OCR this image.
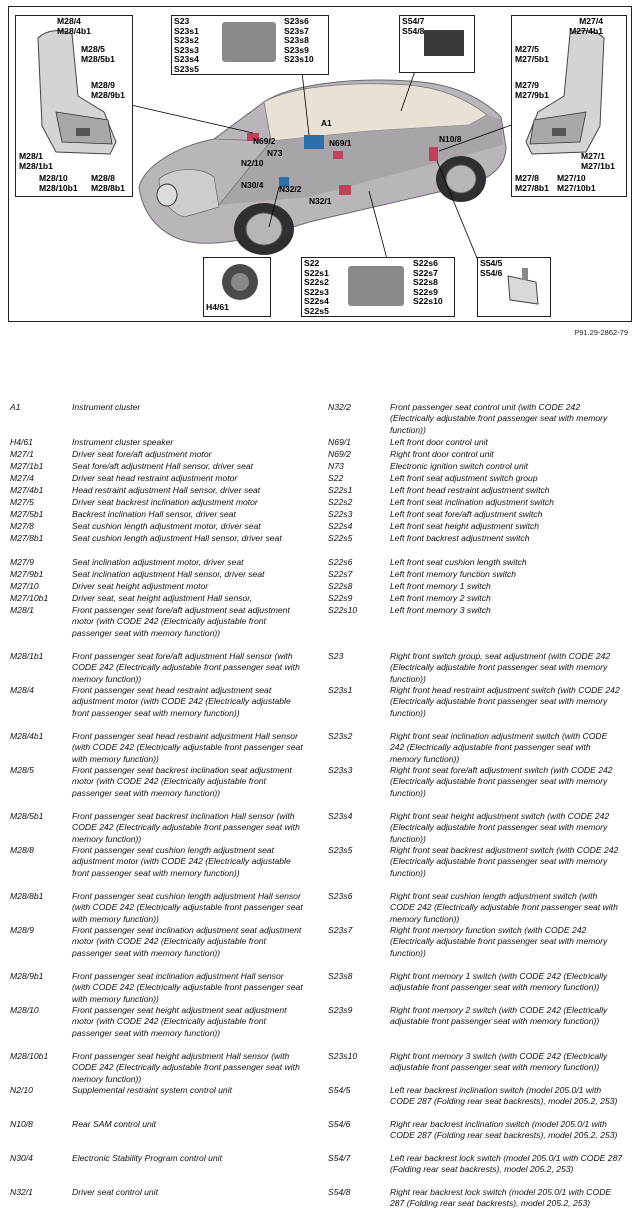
M28/4
M28/4b1
M28/5
M28/5b1
M28/9
M28/9b1
M28/1
M28/1b1
M28/10
M28/10b1
M28/8
M28/8b1
S23
S23s1
S23s2
S23s3
S23s4
S23s5
S23s6
S23s7
S23s8
S23s9
S23s10
S54/7
S54/8
M27/4
M27/4b1
M27/5
M27/5b1
M27/9
M27/9b1
M27/1
M27/1b1
M27/8
M27/8b1
M27/10
M27/10b1
H4/61
S22
S22s1
S22s2
S22s3
S22s4
S22s5
S22s6
S22s7
S22s8
S22s9
S22s10
S54/5
S54/6
A1
N69/2	N69/1
N73
N2/10
N30/4 N32/2
N32/1
N10/8
P91.29-2862-79
A1	Instrument cluster
H4/61	Instrument cluster speaker
M27/1	Driver seat fore/aft adjustment motor
M27/1b1	Seat fore/aft adjustment Hall sensor, driver seat
M27/4	Driver seat head restraint adjustment motor
M27/4b1	Head restraint adjustment Hall sensor, driver seat
M27/5	Driver seat backrest inclination adjustment motor
M27/5b1	Backrest inclination Hall sensor, driver seat
M27/8	Seat cushion length adjustment motor, driver seat
M27/8b1	Seat cushion length adjustment Hall sensor, driver seat
M27/9	Seat inclination adjustment motor, driver seat
M27/9b1	Seat inclination adjustment Hall sensor, driver seat
M27/10	Driver seat height adjustment motor
M27/10b1	Driver seat, seat height adjustment Hall sensor,
M28/1	Front passenger seat fore/aft adjustment seat adjustment motor (with CODE 242 (Electrically adjustable front passenger seat with memory function))
M28/1b1	Front passenger seat fore/aft adjustment Hall sensor (with CODE 242 (Electrically adjustable front passenger seat with memory function))
M28/4	Front passenger seat head restraint adjustment seat adjustment motor (with CODE 242 (Electrically adjustable front passenger seat with memory function))
M28/4b1	Front passenger seat head restraint adjustment Hall sensor (with CODE 242 (Electrically adjustable front passenger seat with memory function))
M28/5	Front passenger seat backrest inclination seat adjustment motor (with CODE 242 (Electrically adjustable front passenger seat with memory function))
M28/5b1	Front passenger seat backrest inclination Hall sensor (with CODE 242 (Electrically adjustable front passenger seat with memory function))
M28/8	Front passenger seat cushion length adjustment seat adjustment motor (with CODE 242 (Electrically adjustable front passenger seat with memory function))
M28/8b1	Front passenger seat cushion length adjustment Hall sensor (with CODE 242 (Electrically adjustable front passenger seat with memory function))
M28/9	Front passenger seat inclination adjustment seat adjustment motor (with CODE 242 (Electrically adjustable front passenger seat with memory function))
M28/9b1	Front passenger seat inclination adjustment Hall sensor (with CODE 242 (Electrically adjustable front passenger seat with memory function))
M28/10	Front passenger seat height adjustment seat adjustment motor (with CODE 242 (Electrically adjustable front passenger seat with memory function))
M28/10b1	Front passenger seat height adjustment Hall sensor (with CODE 242 (Electrically adjustable front passenger seat with memory function))
N2/10	Supplemental restraint system control unit
N10/8	Rear SAM control unit
N30/4	Electronic Stability Program control unit
N32/1	Driver seat control unit
N32/2	Front passenger seat control unit (with CODE 242 (Electrically adjustable front passenger seat with memory function))
N69/1	Left front door control unit
N69/2	Right front door control unit
N73	Electronic ignition switch control unit
S22	Left front seat adjustment switch group
S22s1	Left front head restraint adjustment switch
S22s2	Left front seat inclination adjustment switch
S22s3	Left front seat fore/aft adjustment switch
S22s4	Left front seat height adjustment switch
S22s5	Left front backrest adjustment switch
S22s6	Left front seat cushion length switch
S22s7	Left front memory function switch
S22s8	Left front memory 1 switch
S22s9	Left front memory 2 switch
S22s10	Left front memory 3 switch
S23	Right front switch group, seat adjustment (with CODE 242 (Electrically adjustable front passenger seat with memory function))
S23s1	Right front head restraint adjustment switch (with CODE 242 (Electrically adjustable front passenger seat with memory function))
S23s2	Right front seat inclination adjustment switch (with CODE 242 (Electrically adjustable front passenger seat with memory function))
S23s3	Right front seat fore/aft adjustment switch (with CODE 242 (Electrically adjustable front passenger seat with memory function))
S23s4	Right front seat height adjustment switch (with CODE 242 (Electrically adjustable front passenger seat with memory function))
S23s5	Right front seat backrest adjustment switch (with CODE 242 (Electrically adjustable front passenger seat with memory function))
S23s6	Right front seat cushion length adjustment switch (with CODE 242 (Electrically adjustable front passenger seat with memory function))
S23s7	Right front memory function switch (with CODE 242 (Electrically adjustable front passenger seat with memory function))
S23s8	Right front memory 1 switch (with CODE 242 (Electrically adjustable front passenger seat with memory function))
S23s9	Right front memory 2 switch (with CODE 242 (Electrically adjustable front passenger seat with memory function))
S23s10	Right front memory 3 switch (with CODE 242 (Electrically adjustable front passenger seat with memory function))
S54/5	Left rear backrest inclination switch (model 205.0/1 with CODE 287 (Folding rear seat backrests), model 205.2, 253)
S54/6	Right rear backrest inclination switch (model 205.0/1 with CODE 287 (Folding rear seat backrests), model 205.2, 253)
S54/7	Left rear backrest lock switch (model 205.0/1 with CODE 287 (Folding rear seat backrests), model 205.2, 253)
S54/8	Right rear backrest lock switch (model 205.0/1 with CODE 287 (Folding rear seat backrests), model 205.2, 253)
